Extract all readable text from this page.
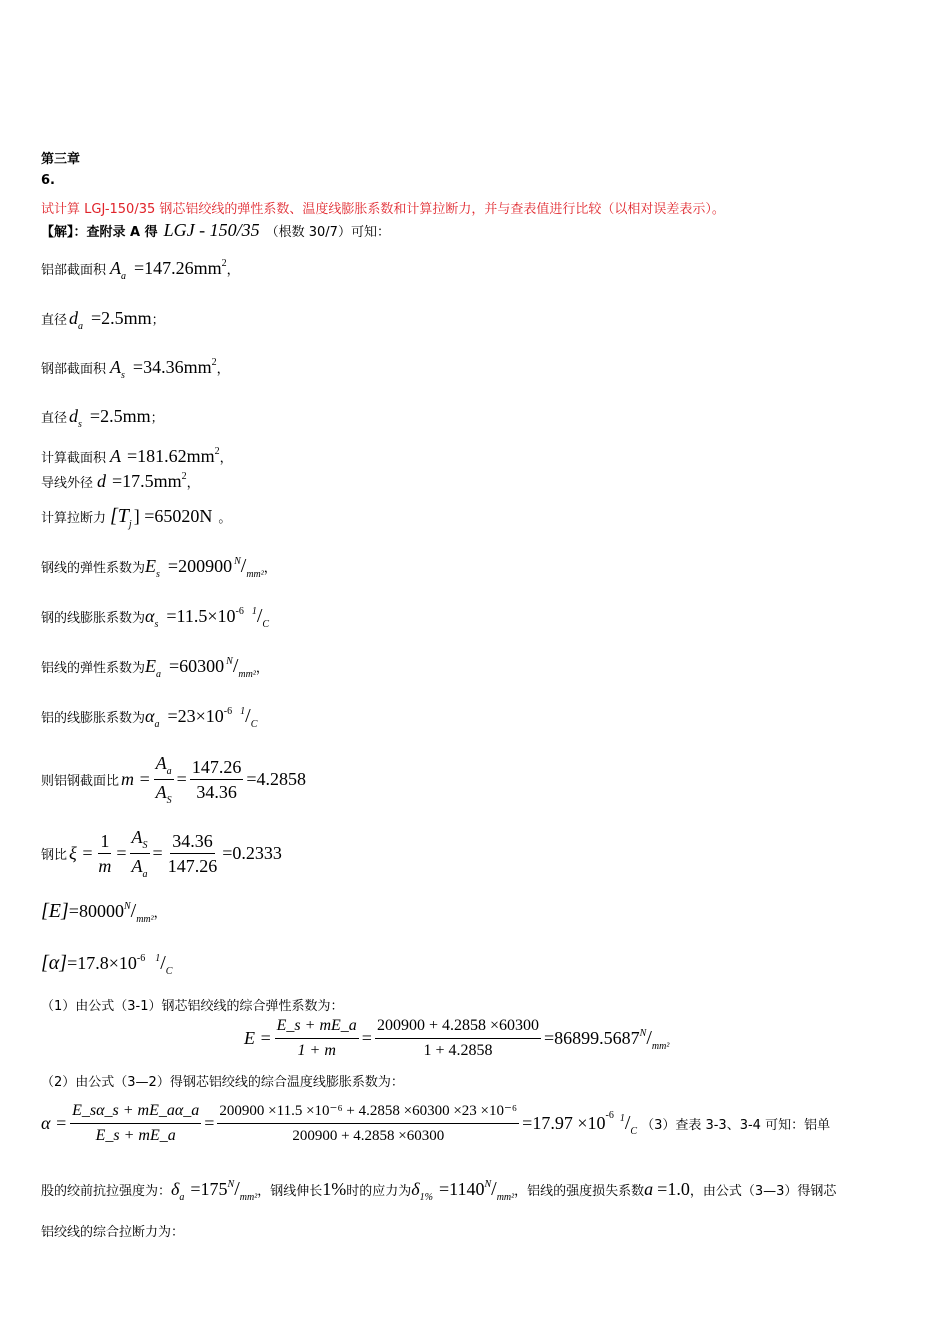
第三章
6.
试计算 LGJ-150/35 钢芯铝绞线的弹性系数、温度线膨胀系数和计算拉断力，并与查表值进行比较（以相对误差表示）。
【解】：查附录 A 得 LGJ - 150/35 （根数 30/7）可知：
铝部截面积 A a =147.26mm 2 ，
直径 d a =2.5mm ；
钢部截面积 A s =34.36mm 2 ，
直径 d s =2.5mm ；
计算截面积 A =181.62mm 2 ，
导线外径 d =17.5mm 2 ，
计算拉断力 [T j ] =65020N 。
钢线的弹性系数为 E s =200900 $^N/_{mm^2}$ ，
钢的线膨胀系数为 α s =11.5×10 -6 $^1/_C$
铝线的弹性系数为 E a =60300 $^N/_{mm^2}$ ，
铝的线膨胀系数为 α a =23×10 -6 $^1/_C$
则铝钢截面比 $m = \frac{A_a}{A_S} = \frac{147.26}{34.36} =4.2858$
钢比 $\xi = \frac{1}{m} = \frac{A_S}{A_a} = \frac{34.36}{147.26} =0.2333$
[E] =80000 $^N/_{mm^2}$ ，
[α] =17.8×10 -6 $^1/_C$
（1）由公式（3-1）钢芯铝绞线的综合弹性系数为：
$E = \frac{E\_s + mE\_a}{1 + m} = \frac{200900 + 4.2858 \times 60300}{1 + 4.2858} =86899.5687$ $^N/_{mm^2}$
（2）由公式（3—2）得钢芯铝绞线的综合温度线膨胀系数为：
$\alpha = \frac{E\_s\alpha\_s + mE\_a\alpha\_a}{E\_s + mE\_a} = \frac{\text{200900 ×11.5 ×10⁻⁶ + 4.2858 ×60300 ×23 ×10⁻⁶}}{200900 + 4.2858 \times 60300} =17.97 \times 10$ -6 $^1/_C$ （3）查表 3-3、3-4 可知：铝单
股的绞前抗拉强度为： δ a =175 $^N/_{mm^2}$ ，钢线伸长 1% 时的应力为 δ 1% =1140 $^N/_{mm^2}$ ，铝线的强度损失系数 a =1.0 ，由公式（3—3）得钢芯
铝绞线的综合拉断力为：
